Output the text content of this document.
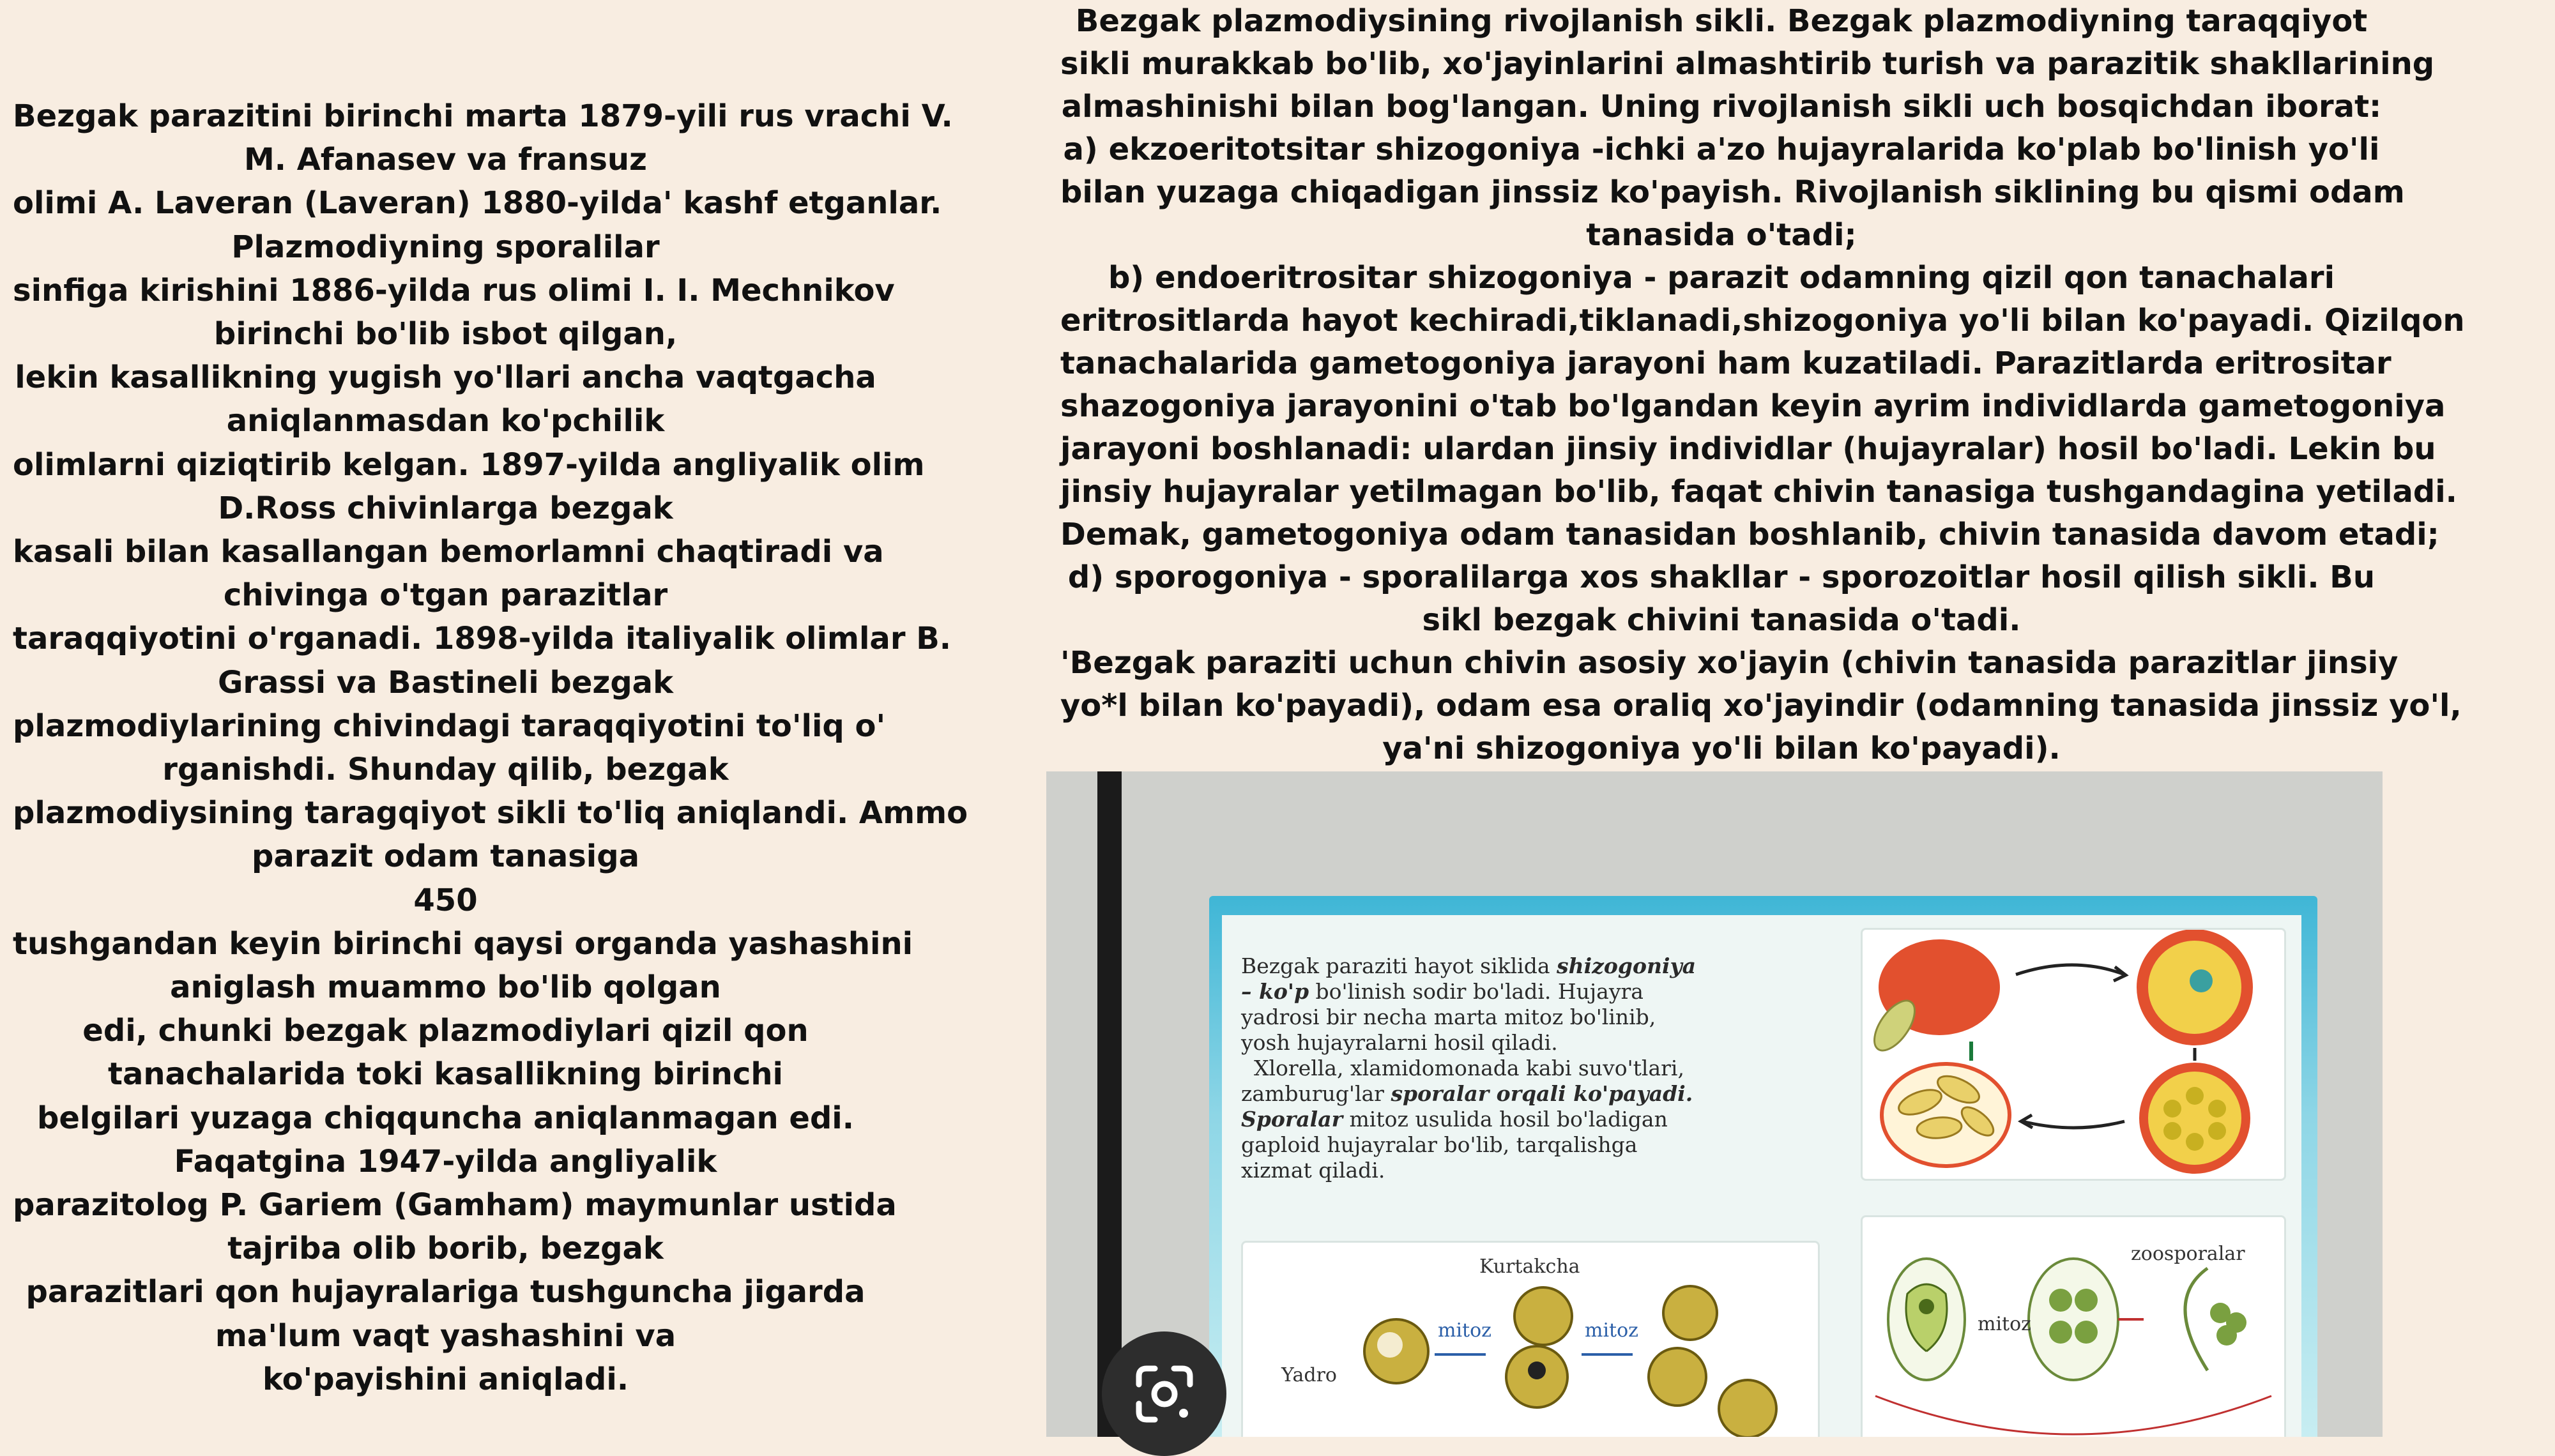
Bezgak parazitini birinchi marta 1879-yili rus vrachi V.
M. Afanasev va fransuz
olimi A. Laveran (Laveran) 1880-yilda' kashf etganlar.
Plazmodiyning sporalilar
sinfiga kirishini 1886-yilda rus olimi I. I. Mechnikov
birinchi bo'lib isbot qilgan,
lekin kasallikning yugish yo'llari ancha vaqtgacha
aniqlanmasdan ko'pchilik
olimlarni qiziqtirib kelgan. 1897-yilda angliyalik olim
D.Ross chivinlarga bezgak
kasali bilan kasallangan bemorlamni chaqtiradi va
chivinga o'tgan parazitlar
taraqqiyotini o'rganadi. 1898-yilda italiyalik olimlar B.
Grassi va Bastineli bezgak
plazmodiylarining chivindagi taraqqiyotini to'liq o'
rganishdi. Shunday qilib, bezgak
plazmodiysining taragqiyot sikli to'liq aniqlandi. Ammo
parazit odam tanasiga
450
tushgandan keyin birinchi qaysi organda yashashini
aniglash muammo bo'lib qolgan
edi, chunki bezgak plazmodiylari qizil qon
tanachalarida toki kasallikning birinchi
belgilari yuzaga chiqquncha aniqlanmagan edi.
Faqatgina 1947-yilda angliyalik
parazitolog P. Gariem (Gamham) maymunlar ustida
tajriba olib borib, bezgak
parazitlari qon hujayralariga tushguncha jigarda
ma'lum vaqt yashashini va
ko'payishini aniqladi.
Bezgak plazmodiysining rivojlanish sikli. Bezgak plazmodiyning taraqqiyot
sikli murakkab bo'lib, xo'jayinlarini almashtirib turish va parazitik shakllarining
almashinishi bilan bog'langan. Uning rivojlanish sikli uch bosqichdan iborat:
a) ekzoeritotsitar shizogoniya -ichki a'zo hujayralarida ko'plab bo'linish yo'li
bilan yuzaga chiqadigan jinssiz ko'payish. Rivojlanish siklining bu qismi odam
tanasida o'tadi;
b) endoeritrositar shizogoniya - parazit odamning qizil qon tanachalari
eritrositlarda hayot kechiradi,tiklanadi,shizogoniya yo'li bilan ko'payadi. Qizilqon
tanachalarida gametogoniya jarayoni ham kuzatiladi. Parazitlarda eritrositar
shazogoniya jarayonini o'tab bo'lgandan keyin ayrim individlarda gametogoniya
jarayoni boshlanadi: ulardan jinsiy individlar (hujayralar) hosil bo'ladi. Lekin bu
jinsiy hujayralar yetilmagan bo'lib, faqat chivin tanasiga tushgandagina yetiladi.
Demak, gametogoniya odam tanasidan boshlanib, chivin tanasida davom etadi;
d) sporogoniya - sporalilarga xos shakllar - sporozoitlar hosil qilish sikli. Bu
sikl bezgak chivini tanasida o'tadi.
'Bezgak paraziti uchun chivin asosiy xo'jayin (chivin tanasida parazitlar jinsiy
yo*l bilan ko'payadi), odam esa oraliq xo'jayindir (odamning tanasida jinssiz yo'l,
ya'ni shizogoniya yo'li bilan ko'payadi).
Bezgak paraziti hayot siklida shizogoniya
– ko'p bo'linish sodir bo'ladi. Hujayra
yadrosi bir necha marta mitoz bo'linib,
yosh hujayralarni hosil qiladi.
Xlorella, xlamidomonada kabi suvo'tlari,
zamburug'lar sporalar orqali ko'payadi.
Sporalar mitoz usulida hosil bo'ladigan
gaploid hujayralar bo'lib, tarqalishga
xizmat qiladi.
mitoz
zoosporalar
Kurtakcha
Yadro
mitoz	mitoz
